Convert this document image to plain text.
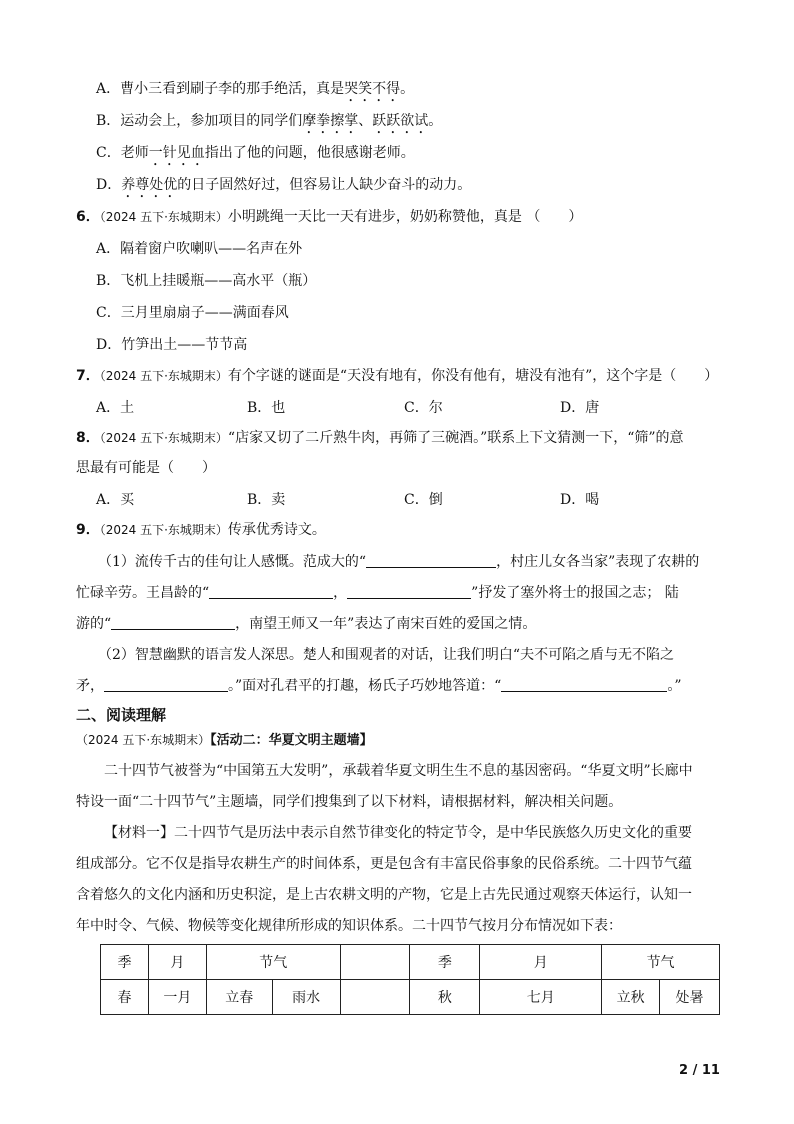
A．曹小三看到刷子李的那手绝活，真是哭笑不得。
B．运动会上，参加项目的同学们摩拳擦掌、跃跃欲试。
C．老师一针见血指出了他的问题，他很感谢老师。
D．养尊处优的日子固然好过，但容易让人缺少奋斗的动力。
6．（2024 五下·东城期末）小明跳绳一天比一天有进步，奶奶称赞他，真是 （　　）
A．隔着窗户吹喇叭——名声在外
B．飞机上挂暖瓶——高水平（瓶）
C．三月里扇扇子——满面春风
D．竹笋出土——节节高
7．（2024 五下·东城期末）有个字谜的谜面是“天没有地有，你没有他有，塘没有池有”，这个字是（　　）
A．土	B．也	C．尔	D．唐
8．（2024 五下·东城期末）“店家又切了二斤熟牛肉，再筛了三碗酒。”联系上下文猜测一下，“筛”的意
思最有可能是（　　）
A．买	B．卖	C．倒	D．喝
9．（2024 五下·东城期末）传承优秀诗文。
（1）流传千古的佳句让人感慨。范成大的“	，村庄儿女各当家”表现了农耕的
忙碌辛劳。王昌龄的“	，	”抒发了塞外将士的报国之志； 陆
游的“	，南望王师又一年”表达了南宋百姓的爱国之情。
（2）智慧幽默的语言发人深思。楚人和围观者的对话，让我们明白“夫不可陷之盾与无不陷之
矛，	。”面对孔君平的打趣，杨氏子巧妙地答道：“	。”
二、阅读理解
（2024 五下·东城期末）【活动二：华夏文明主题墙】
二十四节气被誉为“中国第五大发明”，承载着华夏文明生生不息的基因密码。“华夏文明”长廊中
特设一面“二十四节气”主题墙，同学们搜集到了以下材料，请根据材料，解决相关问题。
【材料一】二十四节气是历法中表示自然节律变化的特定节令，是中华民族悠久历史文化的重要
组成部分。它不仅是指导农耕生产的时间体系，更是包含有丰富民俗事象的民俗系统。二十四节气蕴
含着悠久的文化内涵和历史积淀，是上古农耕文明的产物，它是上古先民通过观察天体运行，认知一
年中时令、气候、物候等变化规律所形成的知识体系。二十四节气按月分布情况如下表：
季	月	节气			季	月	节气	
春	一月	立春	雨水		秋	七月	立秋	处暑
2 / 11
